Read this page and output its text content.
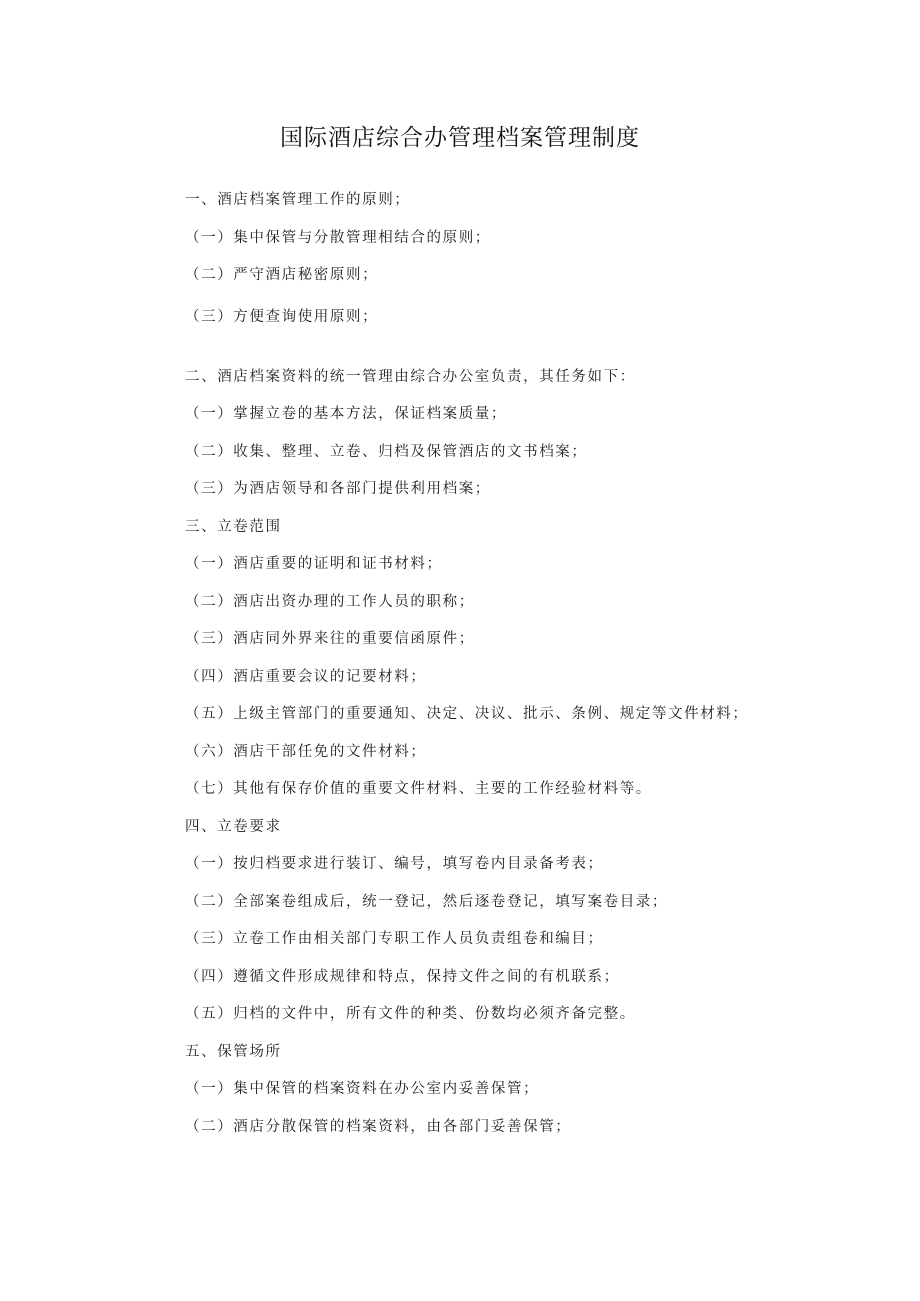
国际酒店综合办管理档案管理制度
一、酒店档案管理工作的原则；
（一）集中保管与分散管理相结合的原则；
（二）严守酒店秘密原则；
（三）方便查询使用原则；
二、酒店档案资料的统一管理由综合办公室负责，其任务如下：
（一）掌握立卷的基本方法，保证档案质量；
（二）收集、整理、立卷、归档及保管酒店的文书档案；
（三）为酒店领导和各部门提供利用档案；
三、立卷范围
（一）酒店重要的证明和证书材料；
（二）酒店出资办理的工作人员的职称；
（三）酒店同外界来往的重要信函原件；
（四）酒店重要会议的记要材料；
（五）上级主管部门的重要通知、决定、决议、批示、条例、规定等文件材料；
（六）酒店干部任免的文件材料；
（七）其他有保存价值的重要文件材料、主要的工作经验材料等。
四、立卷要求
（一）按归档要求进行装订、编号，填写卷内目录备考表；
（二）全部案卷组成后，统一登记，然后逐卷登记，填写案卷目录；
（三）立卷工作由相关部门专职工作人员负责组卷和编目；
（四）遵循文件形成规律和特点，保持文件之间的有机联系；
（五）归档的文件中，所有文件的种类、份数均必须齐备完整。
五、保管场所
（一）集中保管的档案资料在办公室内妥善保管；
（二）酒店分散保管的档案资料，由各部门妥善保管；
